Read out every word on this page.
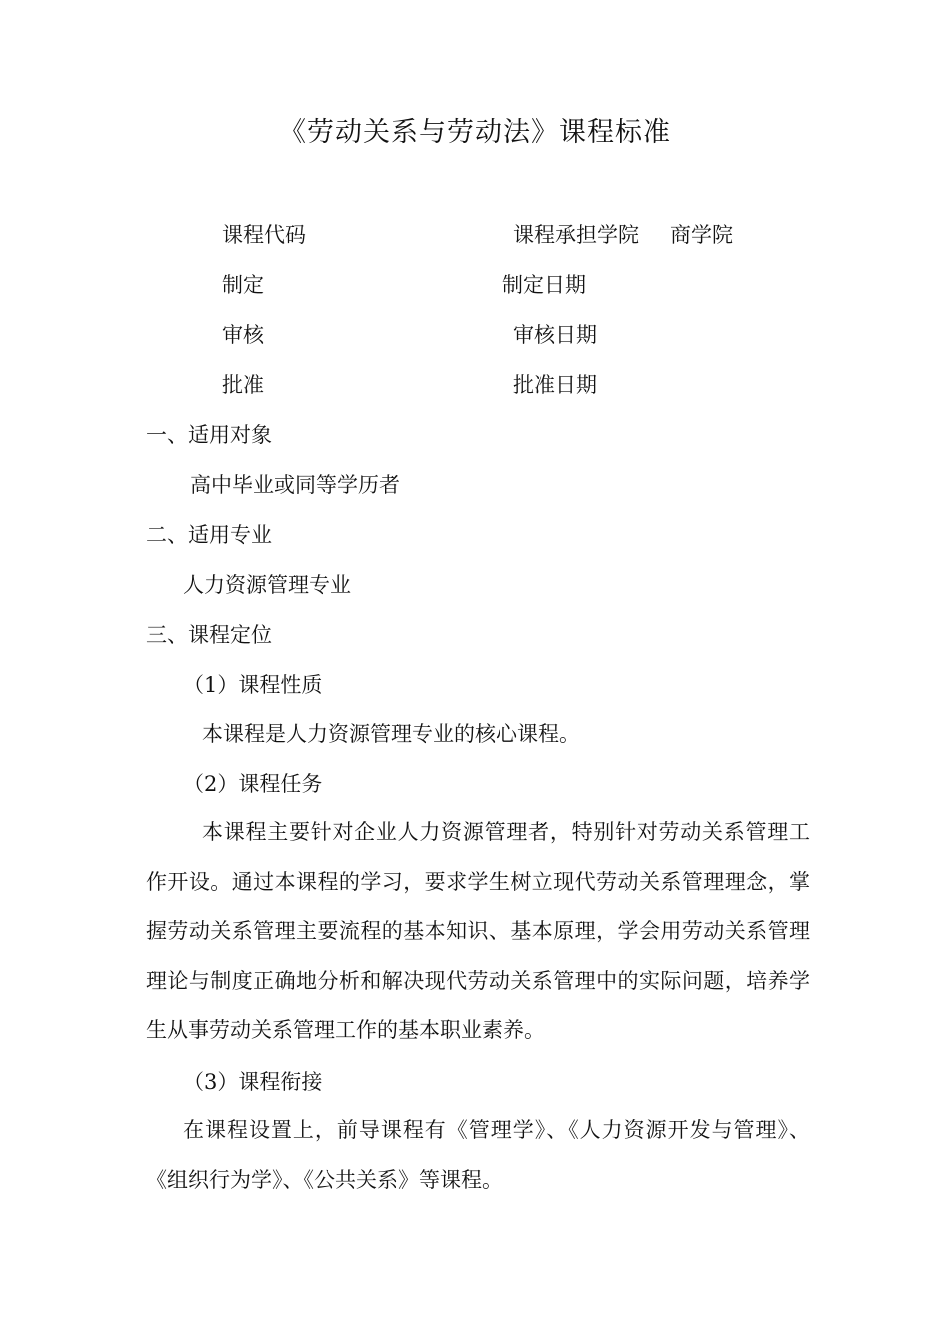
《劳动关系与劳动法》课程标准
课程代码	课程承担学院 商学院
制定	制定日期
审核	审核日期
批准	批准日期
一、适用对象
高中毕业或同等学历者
二、适用专业
人力资源管理专业
三、课程定位
（1）课程性质
本课程是人力资源管理专业的核心课程。
（2）课程任务
本课程主要针对企业人力资源管理者，特别针对劳动关系管理工作开设。通过本课程的学习，要求学生树立现代劳动关系管理理念，掌握劳动关系管理主要流程的基本知识、基本原理，学会用劳动关系管理理论与制度正确地分析和解决现代劳动关系管理中的实际问题，培养学生从事劳动关系管理工作的基本职业素养。
（3）课程衔接
在课程设置上，前导课程有《管理学》、《人力资源开发与管理》、《组织行为学》、《公共关系》等课程。
